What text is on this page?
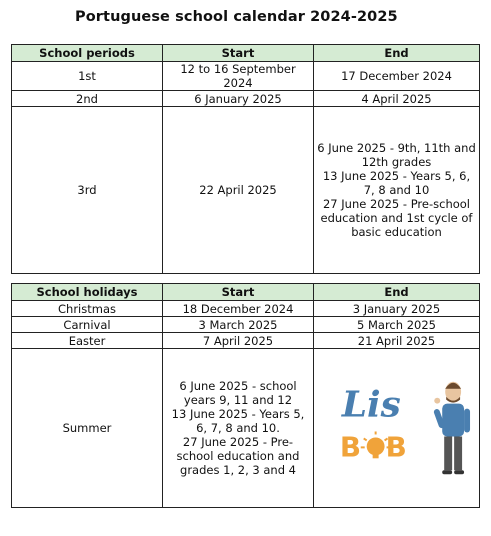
Portuguese school calendar 2024-2025
School periods	Start	End
1st	12 to 16 September 2024	17 December 2024
2nd	6 January 2025	4 April 2025
3rd	22 April 2025	6 June 2025 - 9th, 11th and 12th grades
13 June 2025 - Years 5, 6, 7, 8 and 10
27 June 2025 - Pre-school education and 1st cycle of basic education
School holidays	Start	End
Christmas	18 December 2024	3 January 2025
Carnival	3 March 2025	5 March 2025
Easter	7 April 2025	21 April 2025
Summer	6 June 2025 - school years 9, 11 and 12
13 June 2025 - Years 5, 6, 7, 8 and 10.
27 June 2025 - Pre-school education and grades 1, 2, 3 and 4	Lis
B B
